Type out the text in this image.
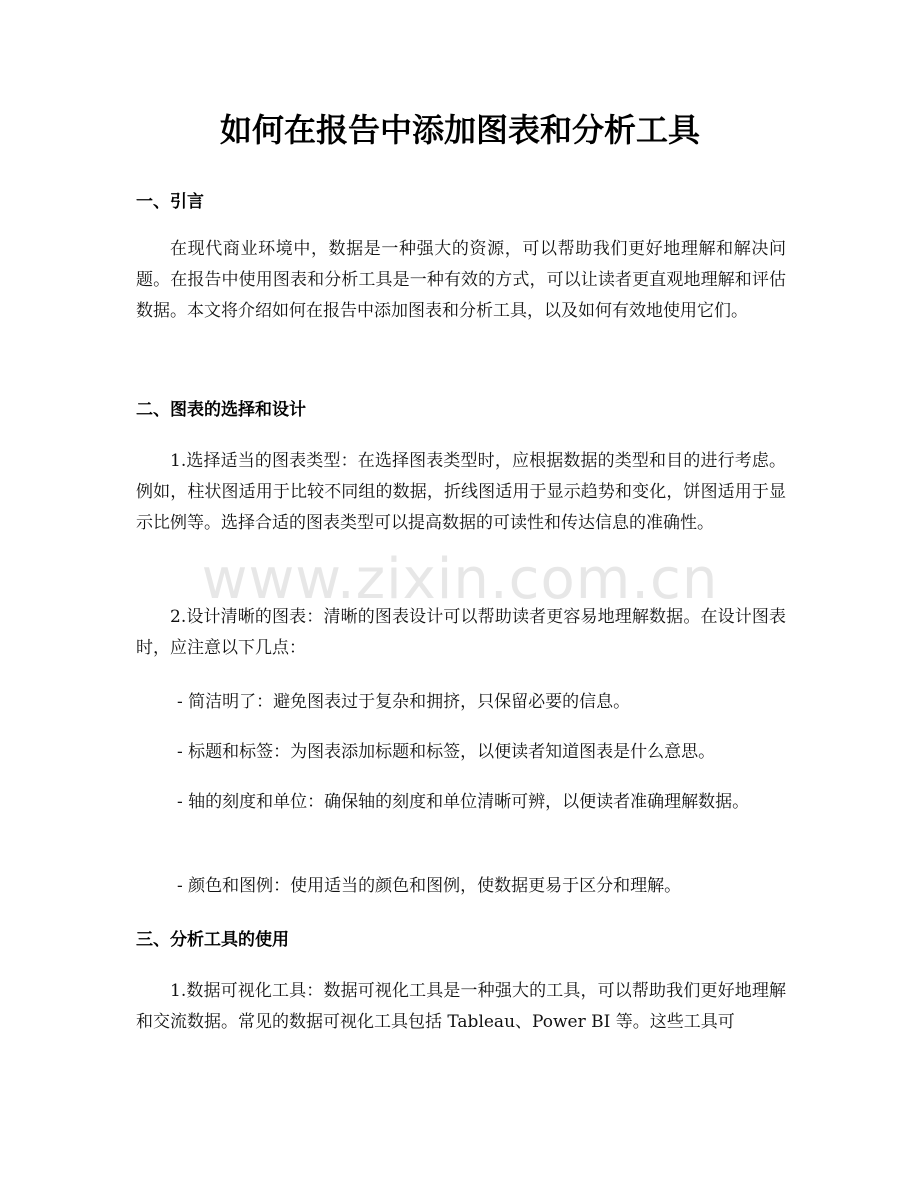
如何在报告中添加图表和分析工具
一、引言

在现代商业环境中，数据是一种强大的资源，可以帮助我们更好地理解和解决问题。在报告中使用图表和分析工具是一种有效的方式，可以让读者更直观地理解和评估数据。本文将介绍如何在报告中添加图表和分析工具，以及如何有效地使用它们。

二、图表的选择和设计

1.选择适当的图表类型：在选择图表类型时，应根据数据的类型和目的进行考虑。例如，柱状图适用于比较不同组的数据，折线图适用于显示趋势和变化，饼图适用于显示比例等。选择合适的图表类型可以提高数据的可读性和传达信息的准确性。

2.设计清晰的图表：清晰的图表设计可以帮助读者更容易地理解数据。在设计图表时，应注意以下几点：

- 简洁明了：避免图表过于复杂和拥挤，只保留必要的信息。

- 标题和标签：为图表添加标题和标签，以便读者知道图表是什么意思。

- 轴的刻度和单位：确保轴的刻度和单位清晰可辨，以便读者准确理解数据。

- 颜色和图例：使用适当的颜色和图例，使数据更易于区分和理解。

三、分析工具的使用

1.数据可视化工具：数据可视化工具是一种强大的工具，可以帮助我们更好地理解和交流数据。常见的数据可视化工具包括 Tableau、Power BI 等。这些工具可

www.zixin.com.cn
